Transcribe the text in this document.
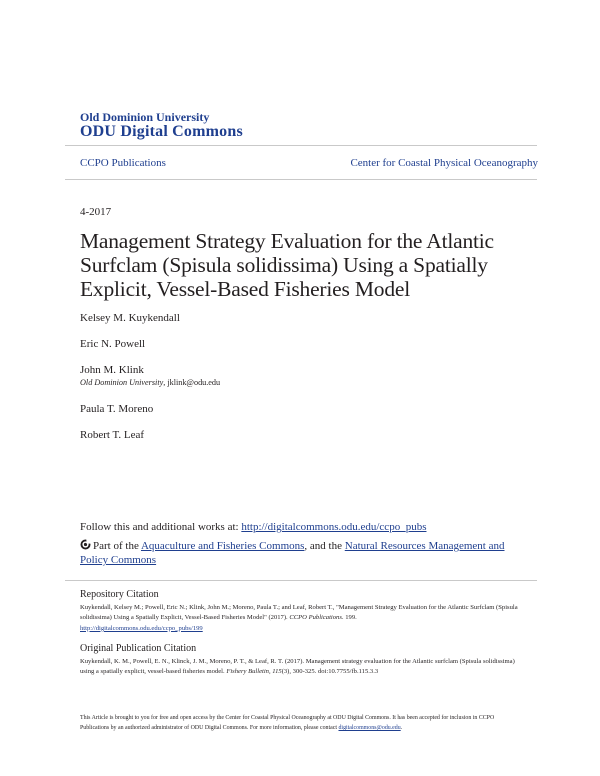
Old Dominion University
ODU Digital Commons
CCPO Publications	Center for Coastal Physical Oceanography
4-2017
Management Strategy Evaluation for the Atlantic Surfclam (Spisula solidissima) Using a Spatially Explicit, Vessel-Based Fisheries Model
Kelsey M. Kuykendall
Eric N. Powell
John M. Klink
Old Dominion University, jklink@odu.edu
Paula T. Moreno
Robert T. Leaf
Follow this and additional works at: http://digitalcommons.odu.edu/ccpo_pubs
Part of the Aquaculture and Fisheries Commons, and the Natural Resources Management and Policy Commons
Repository Citation
Kuykendall, Kelsey M.; Powell, Eric N.; Klink, John M.; Moreno, Paula T.; and Leaf, Robert T., "Management Strategy Evaluation for the Atlantic Surfclam (Spisula solidissima) Using a Spatially Explicit, Vessel-Based Fisheries Model" (2017). CCPO Publications. 199.
http://digitalcommons.odu.edu/ccpo_pubs/199
Original Publication Citation
Kuykendall, K. M., Powell, E. N., Klinck, J. M., Moreno, P. T., & Leaf, R. T. (2017). Management strategy evaluation for the Atlantic surfclam (Spisula solidissima) using a spatially explicit, vessel-based fisheries model. Fishery Bulletin, 115(3), 300-325. doi:10.7755/fb.115.3.3
This Article is brought to you for free and open access by the Center for Coastal Physical Oceanography at ODU Digital Commons. It has been accepted for inclusion in CCPO Publications by an authorized administrator of ODU Digital Commons. For more information, please contact digitalcommons@odu.edu.
